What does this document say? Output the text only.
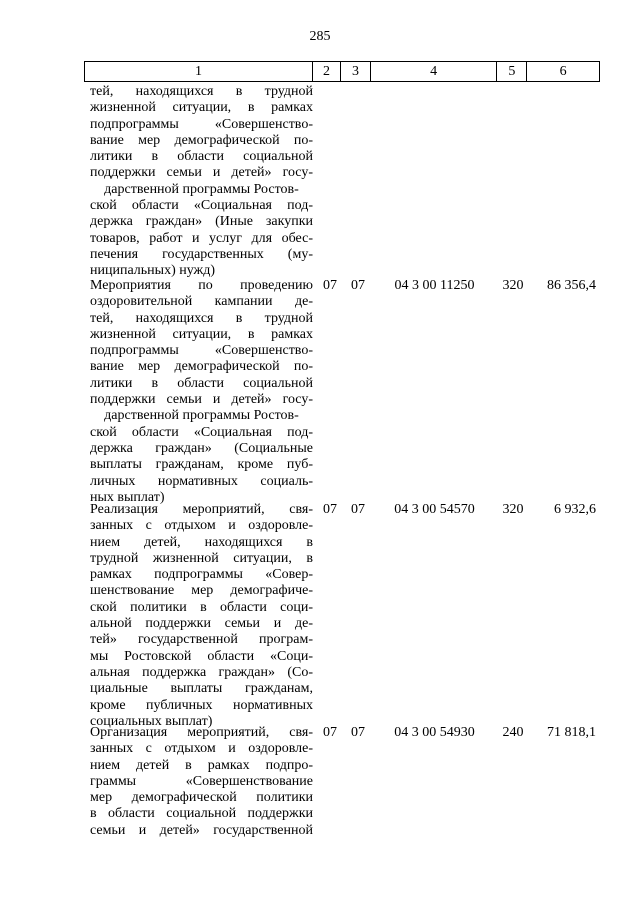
285
1	2	3	4	5	6
тей, находящихся в трудной
жизненной ситуации, в рамках
подпрограммы «Совершенство-
вание мер демографической по-
литики в области социальной
поддержки семьи и детей» госу-
дарственной программы Ростов-
ской области «Социальная под-
держка граждан» (Иные закупки
товаров, работ и услуг для обес-
печения государственных (му-
ниципальных) нужд)
Мероприятия по проведению
оздоровительной кампании де-
тей, находящихся в трудной
жизненной ситуации, в рамках
подпрограммы «Совершенство-
вание мер демографической по-
литики в области социальной
поддержки семьи и детей» госу-
дарственной программы Ростов-
ской области «Социальная под-
держка граждан» (Социальные
выплаты гражданам, кроме пуб-
личных нормативных социаль-
ных выплат)
07	07	04 3 00 11250	320	86 356,4
Реализация мероприятий, свя-
занных с отдыхом и оздоровле-
нием детей, находящихся в
трудной жизненной ситуации, в
рамках подпрограммы «Совер-
шенствование мер демографиче-
ской политики в области соци-
альной поддержки семьи и де-
тей» государственной програм-
мы Ростовской области «Соци-
альная поддержка граждан» (Со-
циальные выплаты гражданам,
кроме публичных нормативных
социальных выплат)
07	07	04 3 00 54570	320	6 932,6
Организация мероприятий, свя-
занных с отдыхом и оздоровле-
нием детей в рамках подпро-
граммы «Совершенствование
мер демографической политики
в области социальной поддержки
семьи и детей» государственной
07	07	04 3 00 54930	240	71 818,1
